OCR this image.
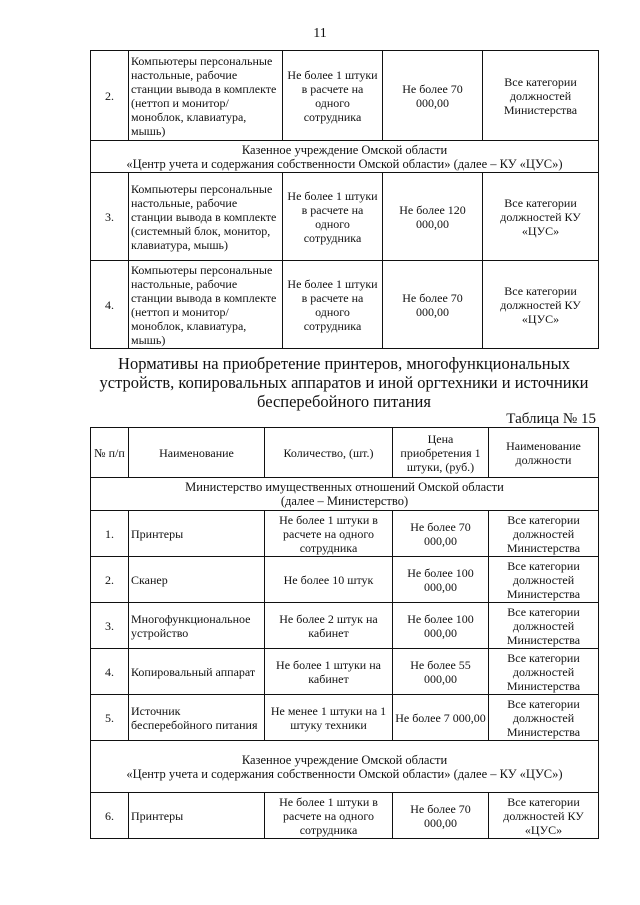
11
2.	Компьютеры персональные настольные, рабочие станции вывода в комплекте (неттоп и монитор/моноблок, клавиатура, мышь)	Не более 1 штуки в расчете на одного сотрудника	Не более 70 000,00	Все категории должностей Министерства

Казенное учреждение Омской области
«Центр учета и содержания собственности Омской области» (далее – КУ «ЦУС»)				

3.	Компьютеры персональные настольные, рабочие станции вывода в комплекте (системный блок, монитор, клавиатура, мышь)	Не более 1 штуки в расчете на одного сотрудника	Не более 120 000,00	Все категории должностей КУ «ЦУС»
4.	Компьютеры персональные настольные, рабочие станции вывода в комплекте (неттоп и монитор/моноблок, клавиатура, мышь)	Не более 1 штуки в расчете на одного сотрудника	Не более 70 000,00	Все категории должностей КУ «ЦУС»
Нормативы на приобретение принтеров, многофункциональных устройств, копировальных аппаратов и иной оргтехники и источники бесперебойного питания
Таблица № 15
№ п/п	Наименование	Количество, (шт.)	Цена приобретения 1 штуки, (руб.)	Наименование должности

Министерство имущественных отношений Омской области
(далее – Министерство)				

1.	Принтеры	Не более 1 штуки в расчете на одного сотрудника	Не более 70 000,00	Все категории должностей Министерства
2.	Сканер	Не более 10 штук	Не более 100 000,00	Все категории должностей Министерства
3.	Многофункциональное устройство	Не более 2 штук на кабинет	Не более 100 000,00	Все категории должностей Министерства
4.	Копировальный аппарат	Не более 1 штуки на кабинет	Не более 55 000,00	Все категории должностей Министерства
5.	Источник бесперебойного питания	Не менее 1 штуки на 1 штуку техники	Не более 7 000,00	Все категории должностей Министерства

Казенное учреждение Омской области
«Центр учета и содержания собственности Омской области» (далее – КУ «ЦУС»)				

6.	Принтеры	Не более 1 штуки в расчете на одного сотрудника	Не более 70 000,00	Все категории должностей КУ «ЦУС»
